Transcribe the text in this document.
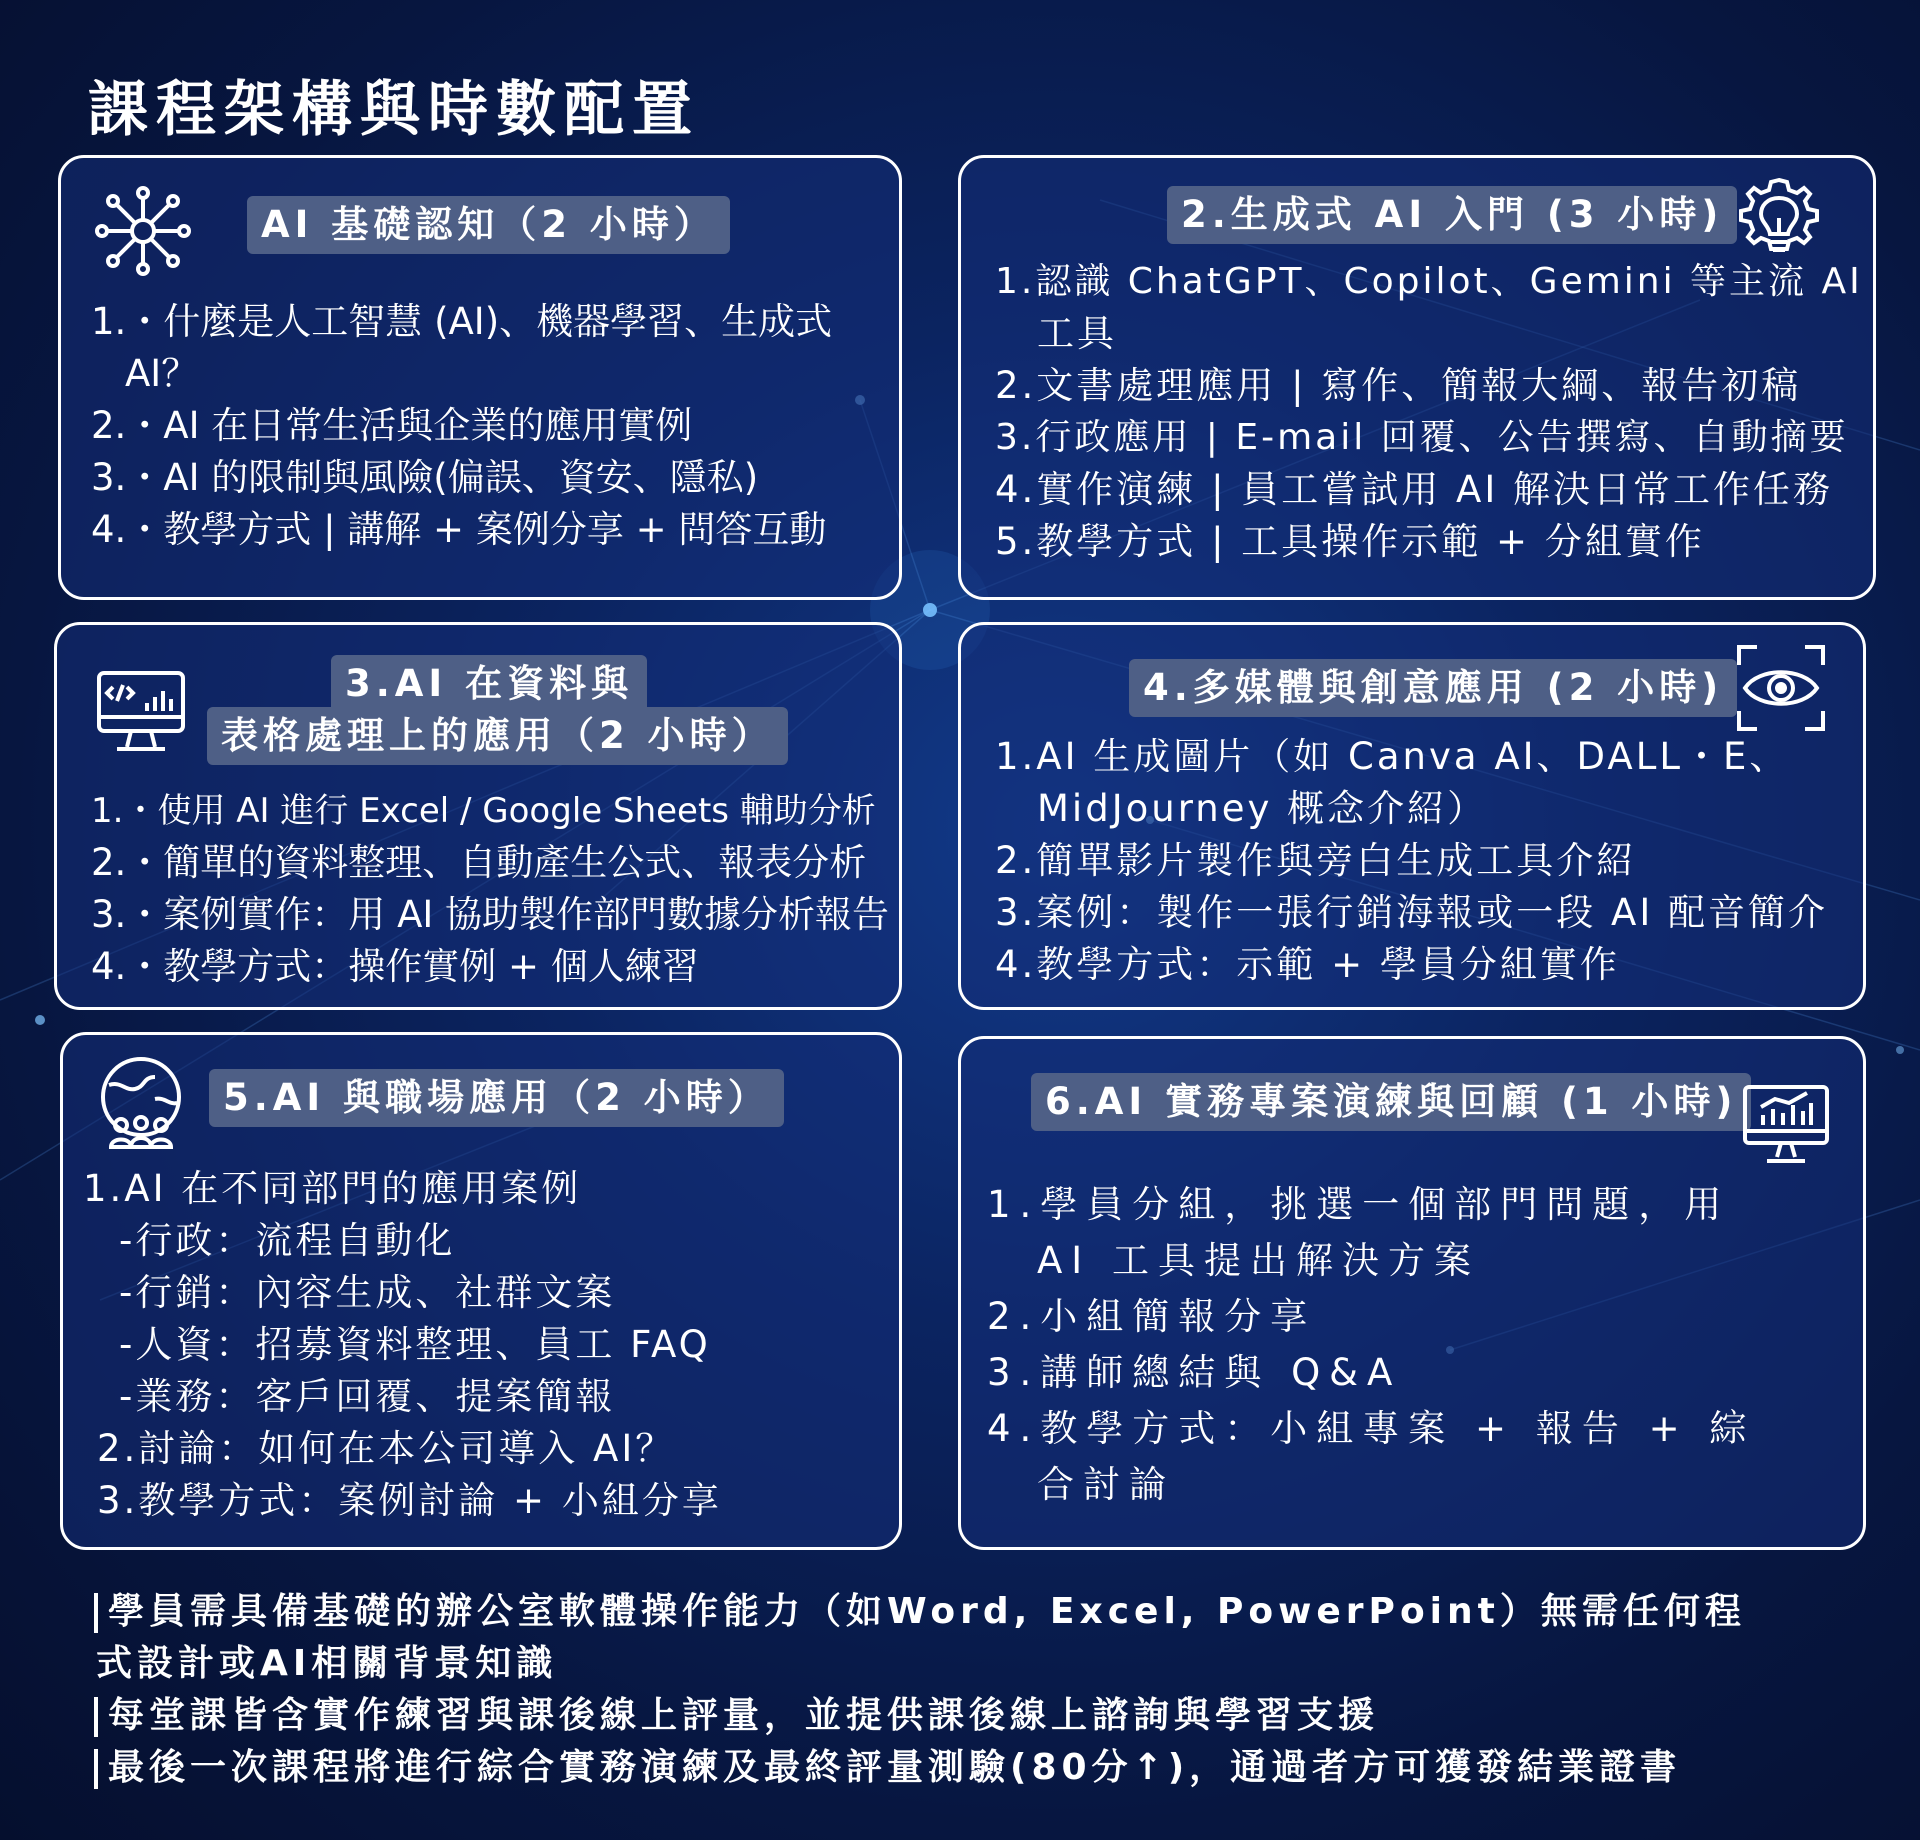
課程架構與時數配置
AI 基礎認知（2 小時）
1.・什麼是人工智慧 (AI)、機器學習、生成式
AI？
2.・AI 在日常生活與企業的應用實例
3.・AI 的限制與風險(偏誤、資安、隱私)
4.・教學方式 | 講解 + 案例分享 + 問答互動
2.生成式 AI 入門 (3 小時)
1.認識 ChatGPT、Copilot、Gemini 等主流 AI
工具
2.文書處理應用 | 寫作、簡報大綱、報告初稿
3.行政應用 | E-mail 回覆、公告撰寫、自動摘要
4.實作演練 | 員工嘗試用 AI 解決日常工作任務
5.教學方式 | 工具操作示範 + 分組實作
3.AI 在資料與
表格處理上的應用（2 小時）
1.・使用 AI 進行 Excel / Google Sheets 輔助分析
2.・簡單的資料整理、自動產生公式、報表分析
3.・案例實作：用 AI 協助製作部門數據分析報告
4.・教學方式：操作實例 + 個人練習
4.多媒體與創意應用 (2 小時)
1.AI 生成圖片（如 Canva AI、DALL・E、
MidJourney 概念介紹）
2.簡單影片製作與旁白生成工具介紹
3.案例：製作一張行銷海報或一段 AI 配音簡介
4.教學方式：示範 + 學員分組實作
5.AI 與職場應用（2 小時）
1.AI 在不同部門的應用案例
-行政：流程自動化
-行銷：內容生成、社群文案
-人資：招募資料整理、員工 FAQ
-業務：客戶回覆、提案簡報
2.討論：如何在本公司導入 AI？
3.教學方式：案例討論 + 小組分享
6.AI 實務專案演練與回顧 (1 小時)
1.學員分組，挑選一個部門問題，用
AI 工具提出解決方案
2.小組簡報分享
3.講師總結與 Q&A
4.教學方式：小組專案 + 報告 + 綜
合討論
學員需具備基礎的辦公室軟體操作能力（如Word, Excel, PowerPoint）無需任何程
式設計或AI相關背景知識
每堂課皆含實作練習與課後線上評量，並提供課後線上諮詢與學習支援
最後一次課程將進行綜合實務演練及最終評量測驗(80分↑)，通過者方可獲發結業證書
